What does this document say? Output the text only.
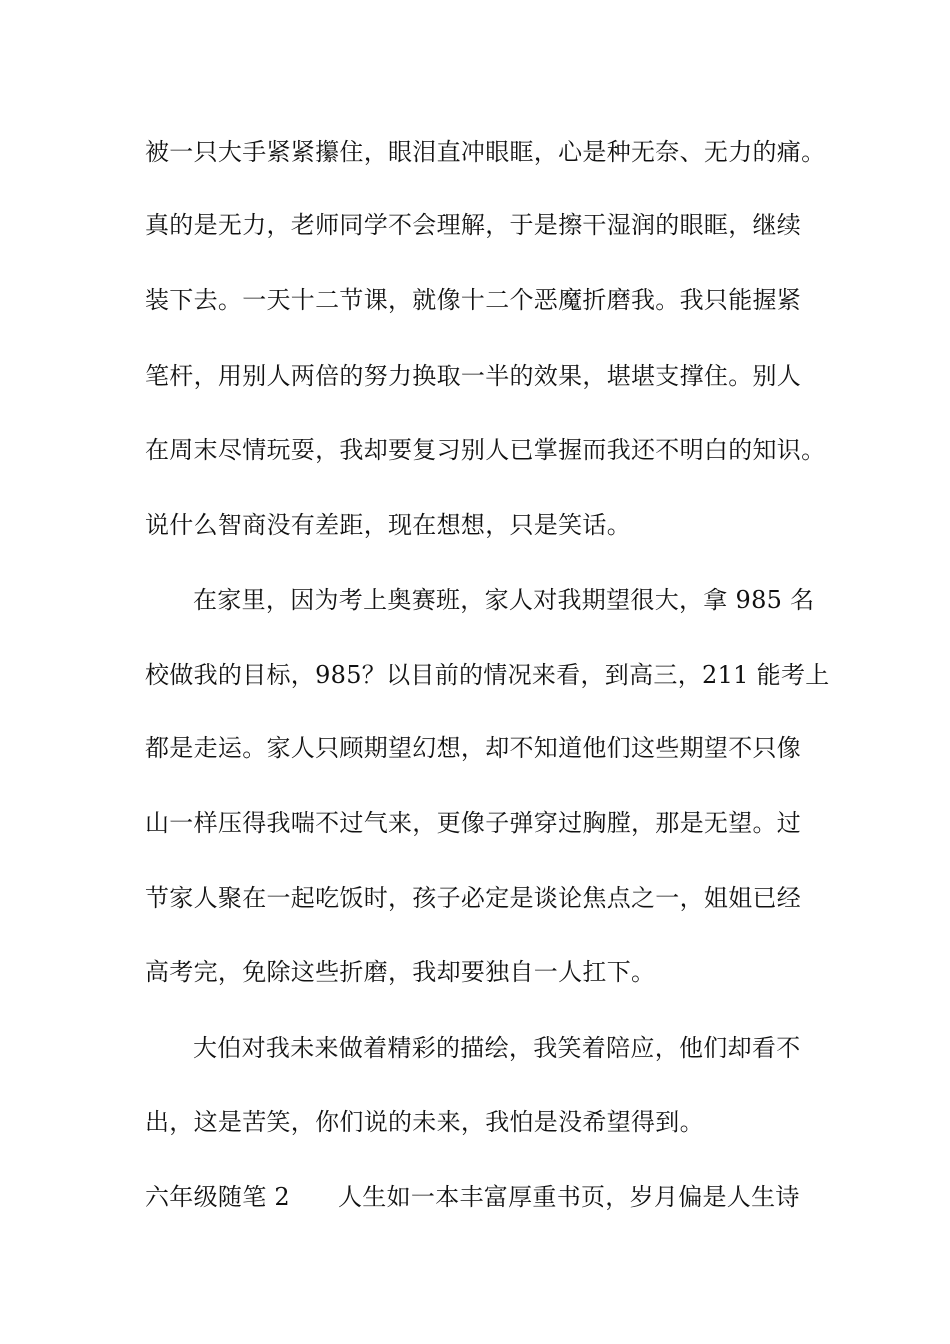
被一只大手紧紧攥住，眼泪直冲眼眶，心是种无奈、无力的痛。
真的是无力，老师同学不会理解，于是擦干湿润的眼眶，继续
装下去。一天十二节课，就像十二个恶魔折磨我。我只能握紧
笔杆，用别人两倍的努力换取一半的效果，堪堪支撑住。别人
在周末尽情玩耍，我却要复习别人已掌握而我还不明白的知识。
说什么智商没有差距，现在想想，只是笑话。
在家里，因为考上奥赛班，家人对我期望很大，拿 985 名
校做我的目标，985？以目前的情况来看，到高三，211 能考上
都是走运。家人只顾期望幻想，却不知道他们这些期望不只像
山一样压得我喘不过气来，更像子弹穿过胸膛，那是无望。过
节家人聚在一起吃饭时，孩子必定是谈论焦点之一，姐姐已经
高考完，免除这些折磨，我却要独自一人扛下。
大伯对我未来做着精彩的描绘，我笑着陪应，他们却看不
出，这是苦笑，你们说的未来，我怕是没希望得到。
六年级随笔 2 人生如一本丰富厚重书页，岁月偏是人生诗
